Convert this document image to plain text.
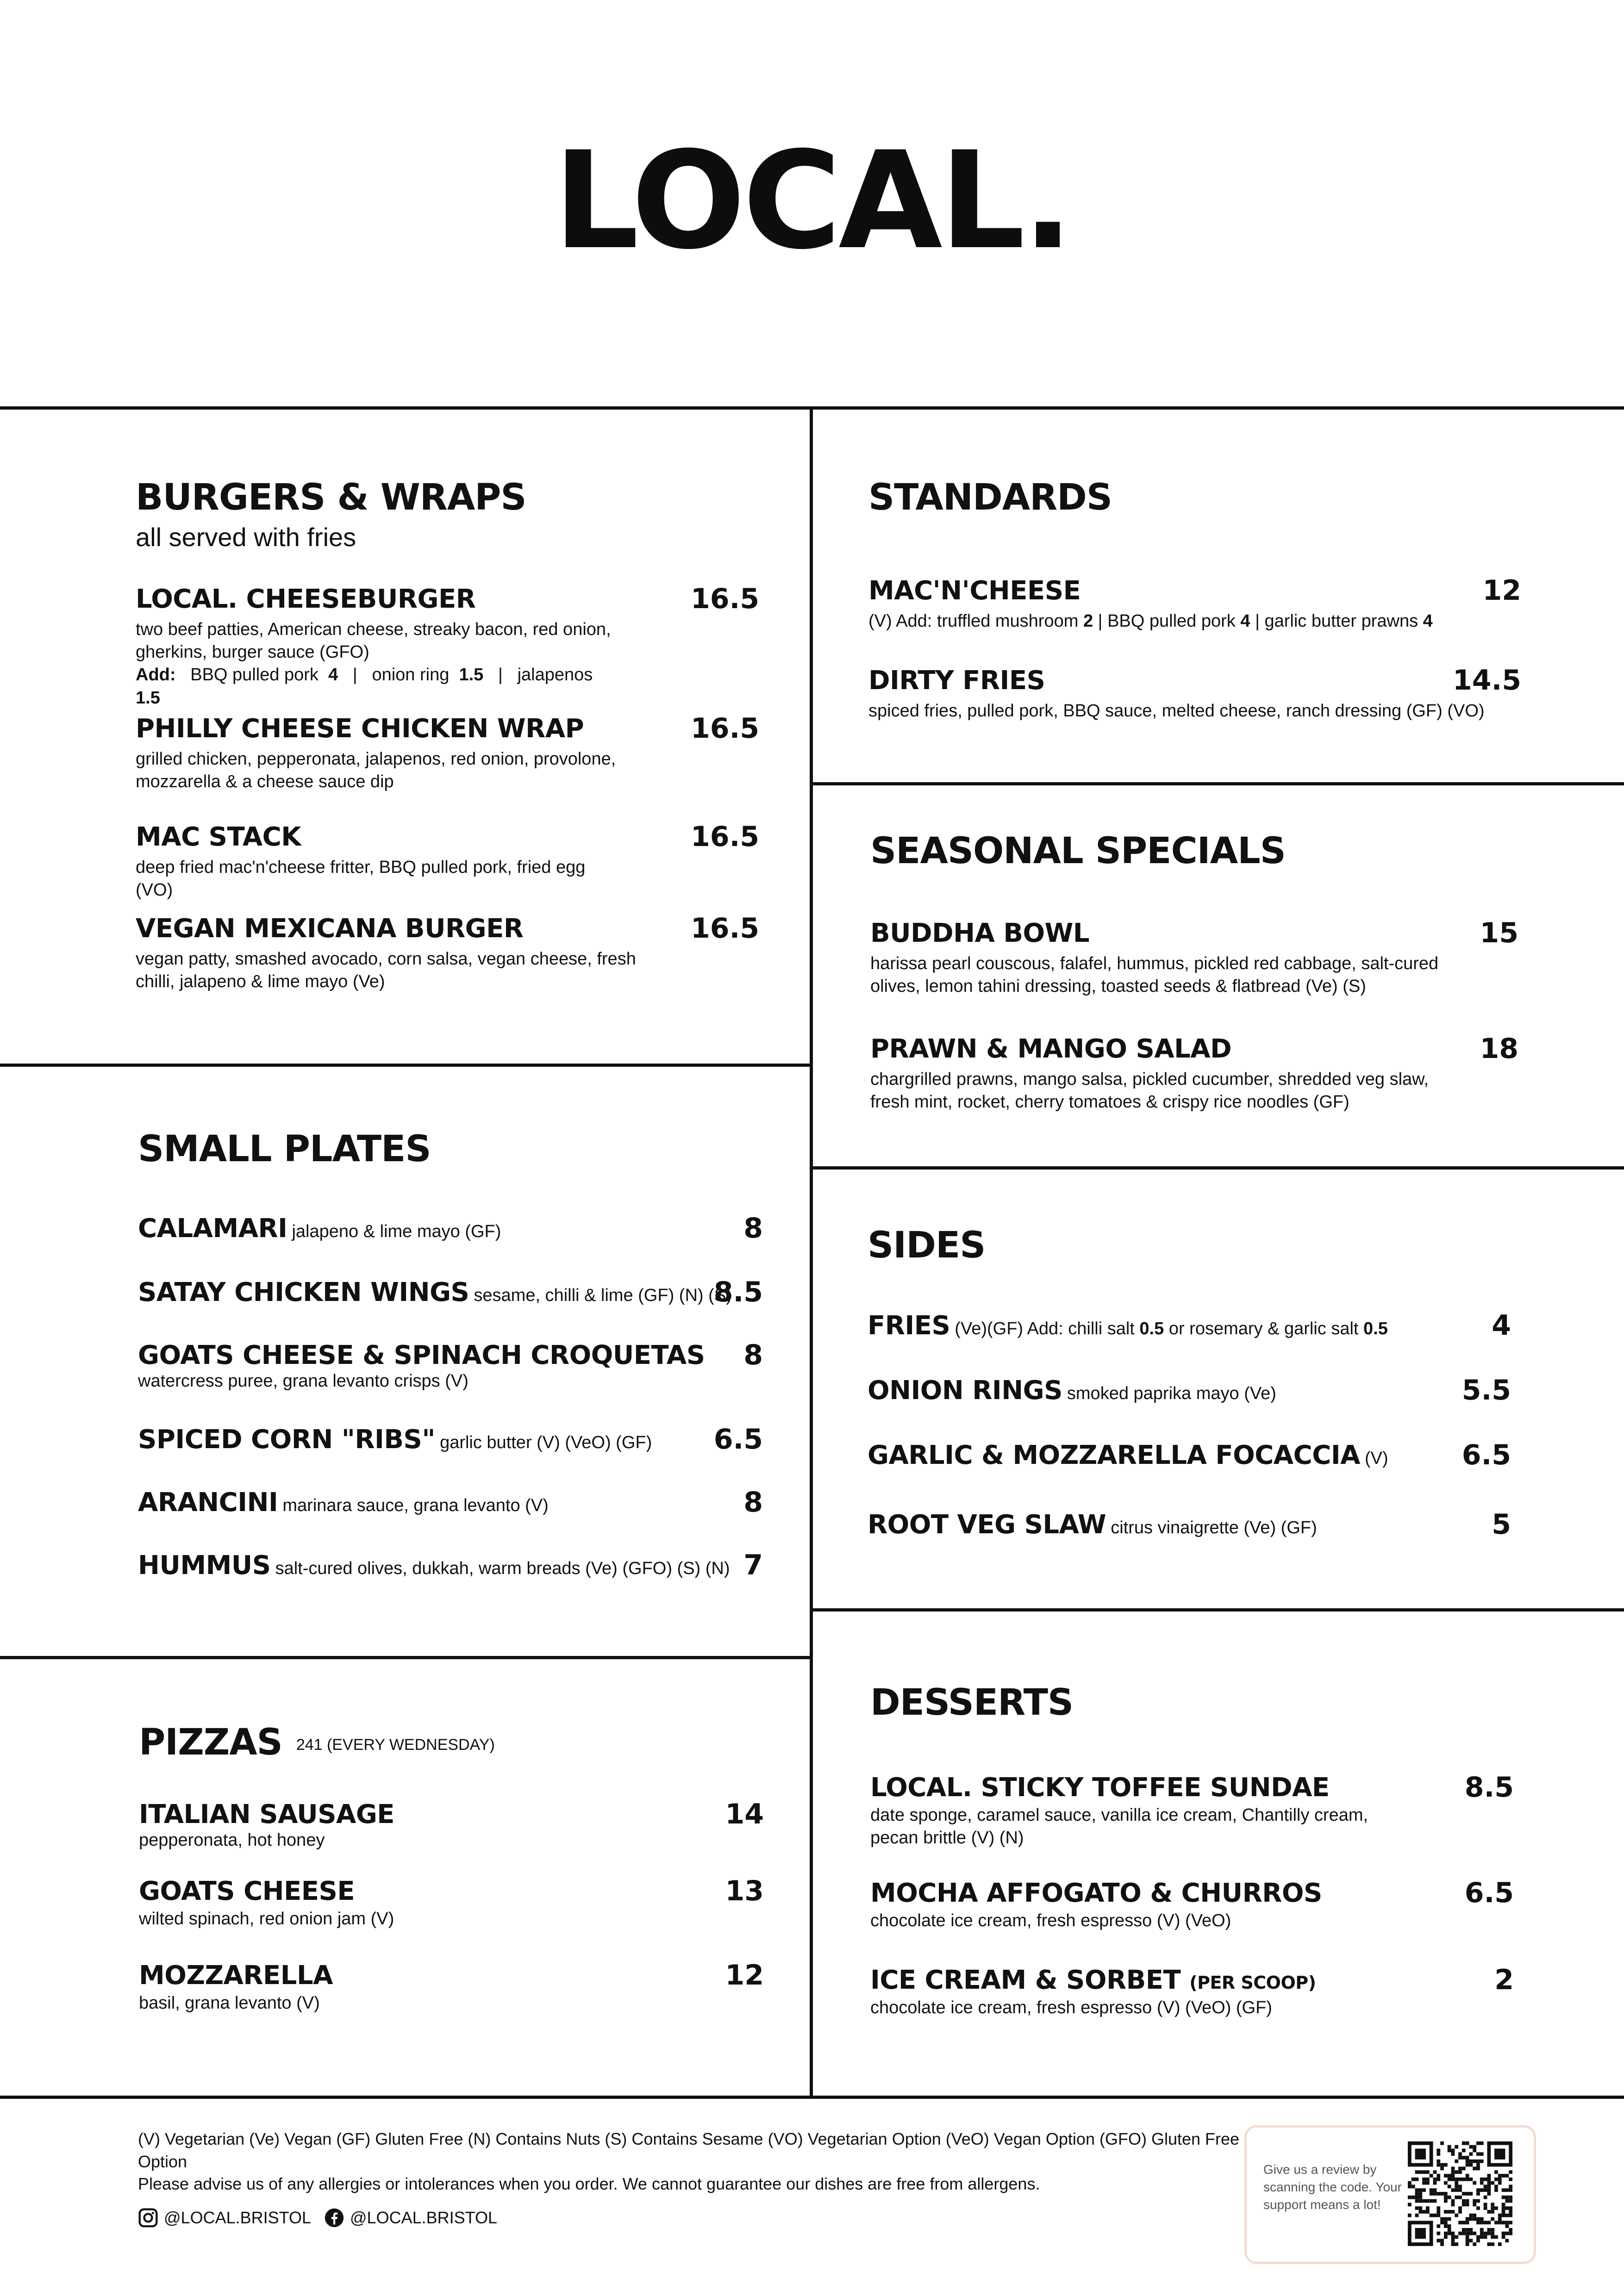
LOCAL.
BURGERS & WRAPS
all served with fries
LOCAL. CHEESEBURGER	16.5
two beef patties, American cheese, streaky bacon, red onion, gherkins, burger sauce (GFO)
Add: BBQ pulled pork 4 | onion ring 1.5 | jalapenos  1.5
PHILLY CHEESE CHICKEN WRAP	16.5
grilled chicken, pepperonata, jalapenos, red onion, provolone, mozzarella & a cheese sauce dip
MAC STACK	16.5
deep fried mac'n'cheese fritter, BBQ pulled pork, fried egg (VO)
VEGAN MEXICANA BURGER	16.5
vegan patty, smashed avocado, corn salsa, vegan cheese, fresh chilli, jalapeno & lime mayo (Ve)
STANDARDS
MAC'N'CHEESE	12
(V) Add: truffled mushroom 2 | BBQ pulled pork 4 | garlic butter prawns 4
DIRTY FRIES	14.5
spiced fries, pulled pork, BBQ sauce, melted cheese, ranch dressing (GF) (VO)
SEASONAL SPECIALS
BUDDHA BOWL	15
harissa pearl couscous, falafel, hummus, pickled red cabbage, salt-cured olives, lemon tahini dressing, toasted seeds & flatbread (Ve) (S)
PRAWN & MANGO SALAD	18
chargrilled prawns, mango salsa, pickled cucumber, shredded veg slaw, fresh mint, rocket, cherry tomatoes & crispy rice noodles (GF)
SMALL PLATES
CALAMARI jalapeno & lime mayo (GF)	8
SATAY CHICKEN WINGS sesame, chilli & lime (GF) (N) (S)
8.5
GOATS CHEESE & SPINACH CROQUETAS	8
watercress puree, grana levanto crisps (V)
SPICED CORN "RIBS" garlic butter (V) (VeO) (GF)	6.5
ARANCINI marinara sauce, grana levanto (V)	8
HUMMUS salt-cured olives, dukkah, warm breads (Ve) (GFO) (S) (N) 7
SIDES
FRIES (Ve)(GF) Add: chilli salt 0.5 or rosemary & garlic salt 0.5	4
ONION RINGS smoked paprika mayo (Ve)	5.5
GARLIC & MOZZARELLA FOCACCIA (V)	6.5
ROOT VEG SLAW citrus vinaigrette (Ve) (GF)	5
PIZZAS 241 (EVERY WEDNESDAY)
ITALIAN SAUSAGE	14
pepperonata, hot honey
GOATS CHEESE	13
wilted spinach, red onion jam (V)
MOZZARELLA	12
basil, grana levanto (V)
DESSERTS
LOCAL. STICKY TOFFEE SUNDAE	8.5
date sponge, caramel sauce, vanilla ice cream, Chantilly cream, pecan brittle (V) (N)
MOCHA AFFOGATO & CHURROS	6.5
chocolate ice cream, fresh espresso (V) (VeO)
ICE CREAM & SORBET (PER SCOOP)	2
chocolate ice cream, fresh espresso (V) (VeO) (GF)
(V) Vegetarian (Ve) Vegan (GF) Gluten Free (N) Contains Nuts (S) Contains Sesame (VO) Vegetarian Option (VeO) Vegan Option (GFO) Gluten Free Option
Please advise us of any allergies or intolerances when you order. We cannot guarantee our dishes are free from allergens.
@LOCAL.BRISTOL @LOCAL.BRISTOL
Give us a review by scanning the code. Your support means a lot!
